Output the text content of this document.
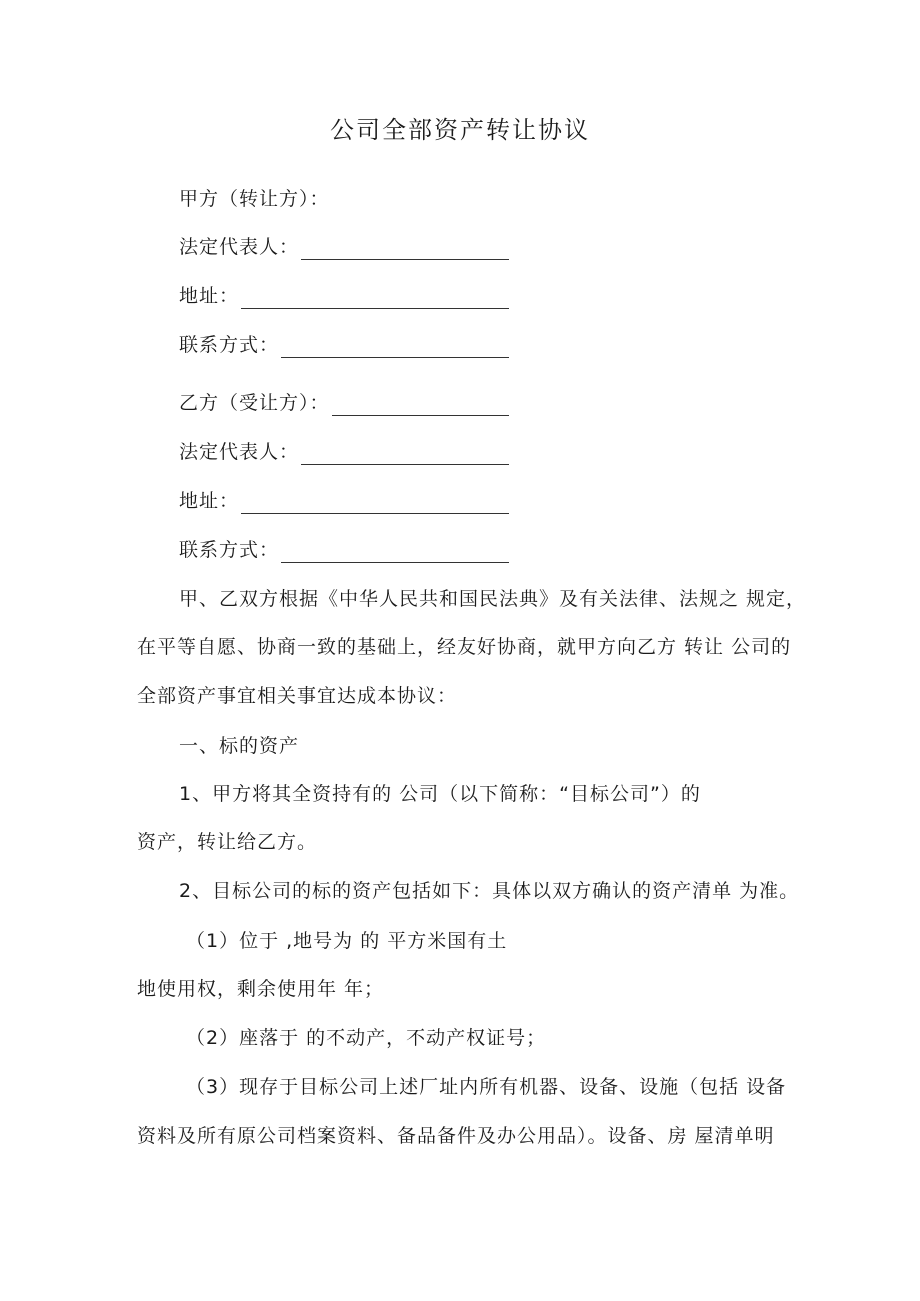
公司全部资产转让协议
甲方（转让方）：
法定代表人：
地址：
联系方式：
乙方（受让方）：
法定代表人：
地址：
联系方式：
甲、乙双方根据《中华人民共和国民法典》及有关法律、法规之 规定，
在平等自愿、协商一致的基础上，经友好协商，就甲方向乙方 转让 公司的
全部资产事宜相关事宜达成本协议：
一、标的资产
1、甲方将其全资持有的 公司（以下简称：“目标公司”）的
资产，转让给乙方。
2、目标公司的标的资产包括如下：具体以双方确认的资产清单 为准。
（1）位于 ,地号为 的 平方米国有土
地使用权，剩余使用年 年；
（2）座落于 的不动产，不动产权证号；
（3）现存于目标公司上述厂址内所有机器、设备、设施（包括 设备
资料及所有原公司档案资料、备品备件及办公用品）。设备、房 屋清单明
